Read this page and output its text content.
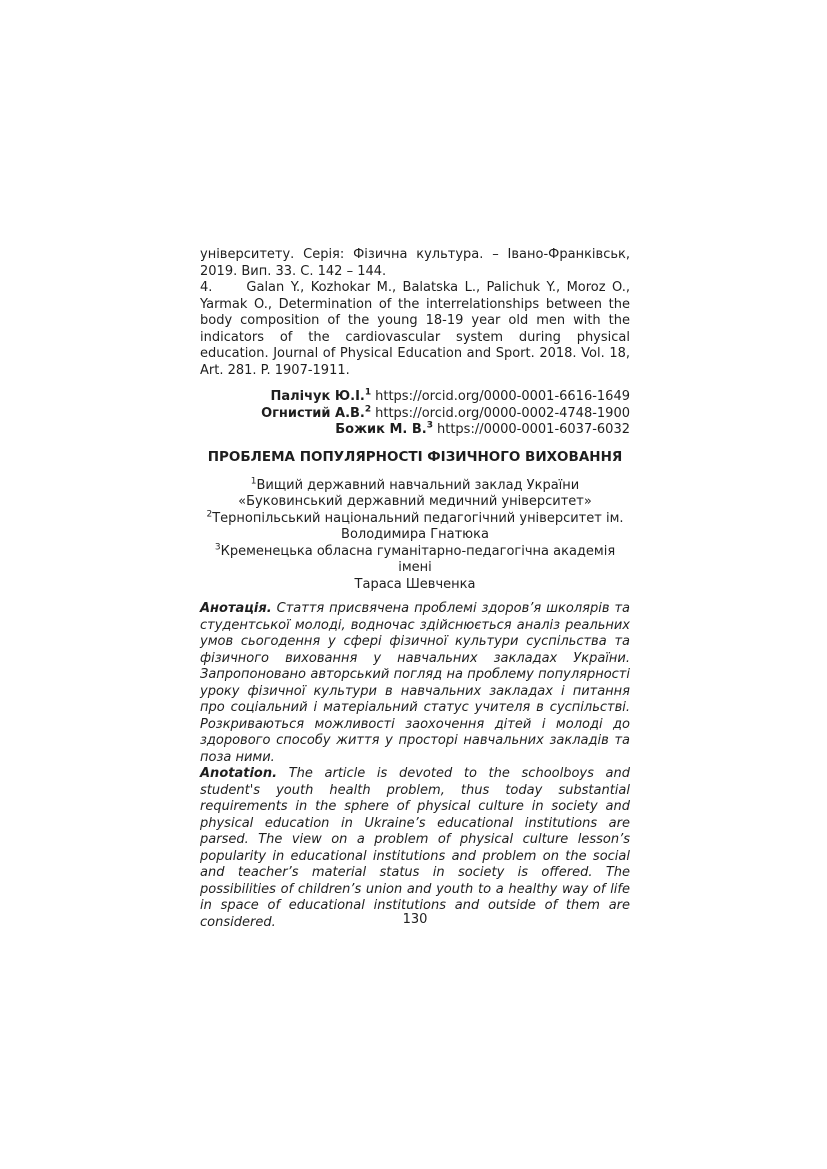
університету. Серія: Фізична культура. – Івано-Франківськ, 2019. Вип. 33. С. 142 – 144.

4.	Galan Y., Kozhokar M., Balatska L., Palichuk Y., Moroz O., Yarmak O., Determination of the interrelationships between the body composition of the young 18-19 year old men with the indicators of the cardiovascular system during physical education. Journal of Physical Education and Sport. 2018. Vol. 18, Art. 281. P. 1907-1911.

Палічук Ю.І.$^1$ https://orcid.org/0000-0001-6616-1649
Огнистий А.В.$^2$ https://orcid.org/0000-0002-4748-1900
Божик М. В.$^3$ https://0000-0001-6037-6032
ПРОБЛЕМА ПОПУЛЯРНОСТІ ФІЗИЧНОГО ВИХОВАННЯ
$^1$Вищий державний навчальний заклад України
«Буковинський державний медичний університет»
$^2$Тернопільський національний педагогічний університет ім.
Володимира Гнатюка
$^3$Кременецька обласна гуманітарно-педагогічна академія імені
Тараса Шевченка

Анотація. Стаття присвячена проблемі здоров’я школярів та студентської молоді, водночас здійснюється аналіз реальних умов сьогодення у сфері фізичної культури суспільства та фізичного виховання у навчальних закладах України. Запропоновано авторський погляд на проблему популярності уроку фізичної культури в навчальних закладах і питання про соціальний і матеріальний статус учителя в суспільстві. Розкриваються можливості заохочення дітей і молоді до здорового способу життя у просторі навчальних закладів та поза ними.

Anotation. The article is devoted to the schoolboys and student's youth health problem, thus today substantial requirements in the sphere of physical culture in society and physical education in Ukraine’s educational institutions are parsed. The view on a problem of physical culture lesson’s popularity in educational institutions and problem on the social and teacher’s material status in society is offered. The possibilities of children’s union and youth to a healthy way of life in space of educational institutions and outside of them are considered.	130
